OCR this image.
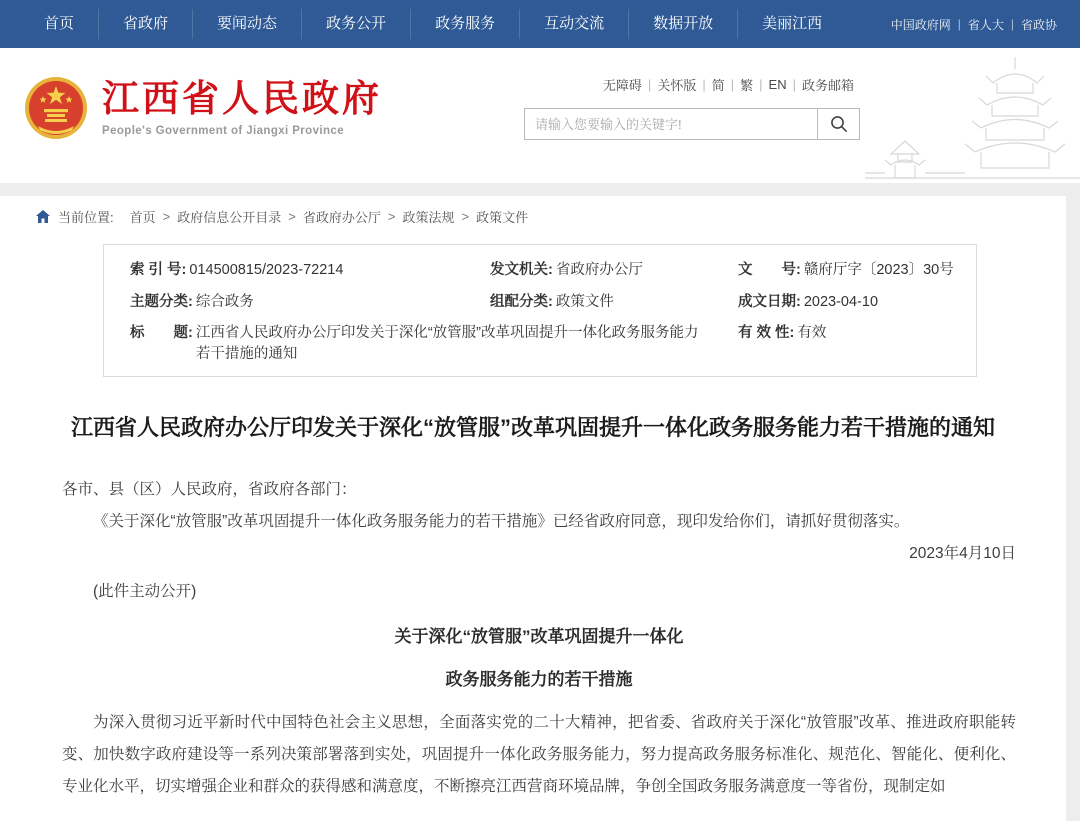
首页	省政府	要闻动态	政务公开	政务服务	互动交流	数据开放	美丽江西	中国政府网 | 省人大 | 省政协
江西省人民政府
People's Government of Jiangxi Province
无障碍 | 关怀版 | 简 | 繁 | EN | 政务邮箱
请输入您要输入的关键字!
当前位置: 首页 > 政府信息公开目录 > 省政府办公厅 > 政策法规 > 政策文件
索 引 号: 014500815/2023-72214	发文机关: 省政府办公厅	文　　号: 赣府厅字〔2023〕30号
主题分类: 综合政务	组配分类: 政策文件	成文日期: 2023-04-10
标　　题: 江西省人民政府办公厅印发关于深化“放管服”改革巩固提升一体化政务服务能力若干措施的通知
有 效 性: 有效
江西省人民政府办公厅印发关于深化“放管服”改革巩固提升一体化政务服务能力若干措施的通知

各市、县（区）人民政府，省政府各部门：

《关于深化“放管服”改革巩固提升一体化政务服务能力的若干措施》已经省政府同意，现印发给你们，请抓好贯彻落实。

2023年4月10日

(此件主动公开)

关于深化“放管服”改革巩固提升一体化

政务服务能力的若干措施

为深入贯彻习近平新时代中国特色社会主义思想，全面落实党的二十大精神，把省委、省政府关于深化“放管服”改革、推进政府职能转变、加快数字政府建设等一系列决策部署落到实处，巩固提升一体化政务服务能力，努力提高政务服务标准化、规范化、智能化、便利化、专业化水平，切实增强企业和群众的获得感和满意度，不断擦亮江西营商环境品牌，争创全国政务服务满意度一等省份，现制定如
